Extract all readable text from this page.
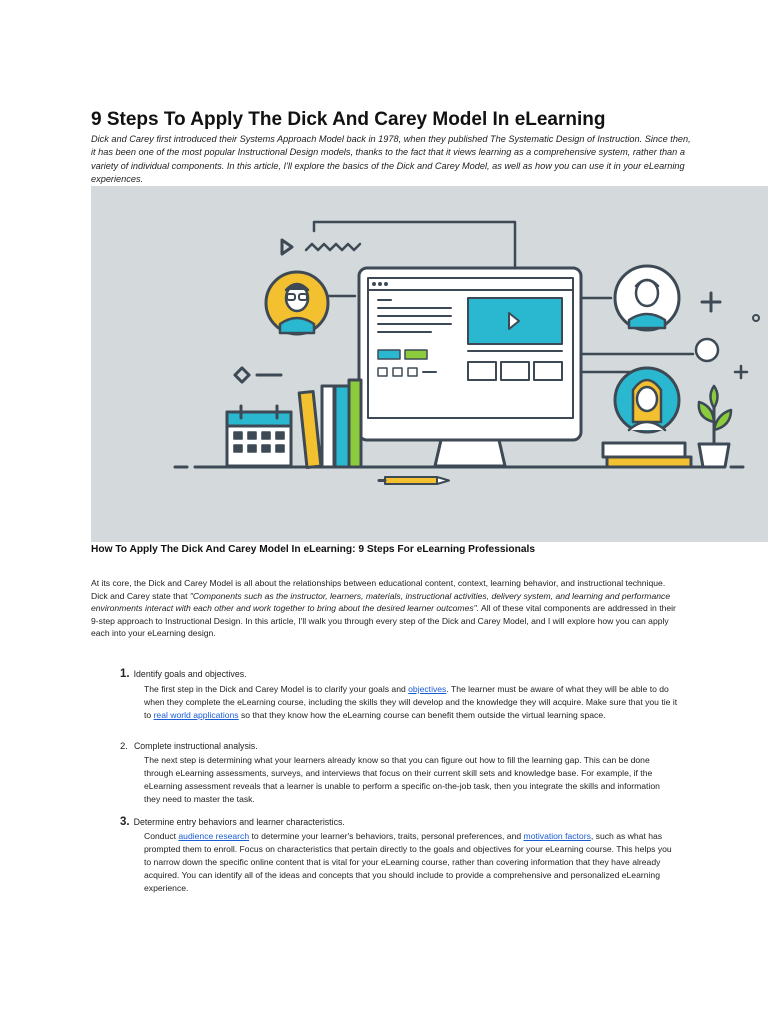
9 Steps To Apply The Dick And Carey Model In eLearning

Dick and Carey first introduced their Systems Approach Model back in 1978, when they published The Systematic Design of Instruction. Since then, it has been one of the most popular Instructional Design models, thanks to the fact that it views learning as a comprehensive system, rather than a variety of individual components. In this article, I'll explore the basics of the Dick and Carey Model, as well as how you can use it in your eLearning experiences.

How To Apply The Dick And Carey Model In eLearning: 9 Steps For eLearning Professionals

At its core, the Dick and Carey Model is all about the relationships between educational content, context, learning behavior, and instructional technique. Dick and Carey state that "Components such as the instructor, learners, materials, instructional activities, delivery system, and learning and performance environments interact with each other and work together to bring about the desired learner outcomes". All of these vital components are addressed in their 9-step approach to Instructional Design. In this article, I'll walk you through every step of the Dick and Carey Model, and I will explore how you can apply each into your eLearning design.

1. Identify goals and objectives.
The first step in the Dick and Carey Model is to clarify your goals and objectives. The learner must be aware of what they will be able to do when they complete the eLearning course, including the skills they will develop and the knowledge they will acquire. Make sure that you tie it to real world applications so that they know how the eLearning course can benefit them outside the virtual learning space.
2. Complete instructional analysis.
The next step is determining what your learners already know so that you can figure out how to fill the learning gap. This can be done through eLearning assessments, surveys, and interviews that focus on their current skill sets and knowledge base. For example, if the eLearning assessment reveals that a learner is unable to perform a specific on-the-job task, then you integrate the skills and information they need to master the task.
3. Determine entry behaviors and learner characteristics.
Conduct audience research to determine your learner's behaviors, traits, personal preferences, and motivation factors, such as what has prompted them to enroll. Focus on characteristics that pertain directly to the goals and objectives for your eLearning course. This helps you to narrow down the specific online content that is vital for your eLearning course, rather than covering information that they have already acquired. You can identify all of the ideas and concepts that you should include to provide a comprehensive and personalized eLearning experience.
